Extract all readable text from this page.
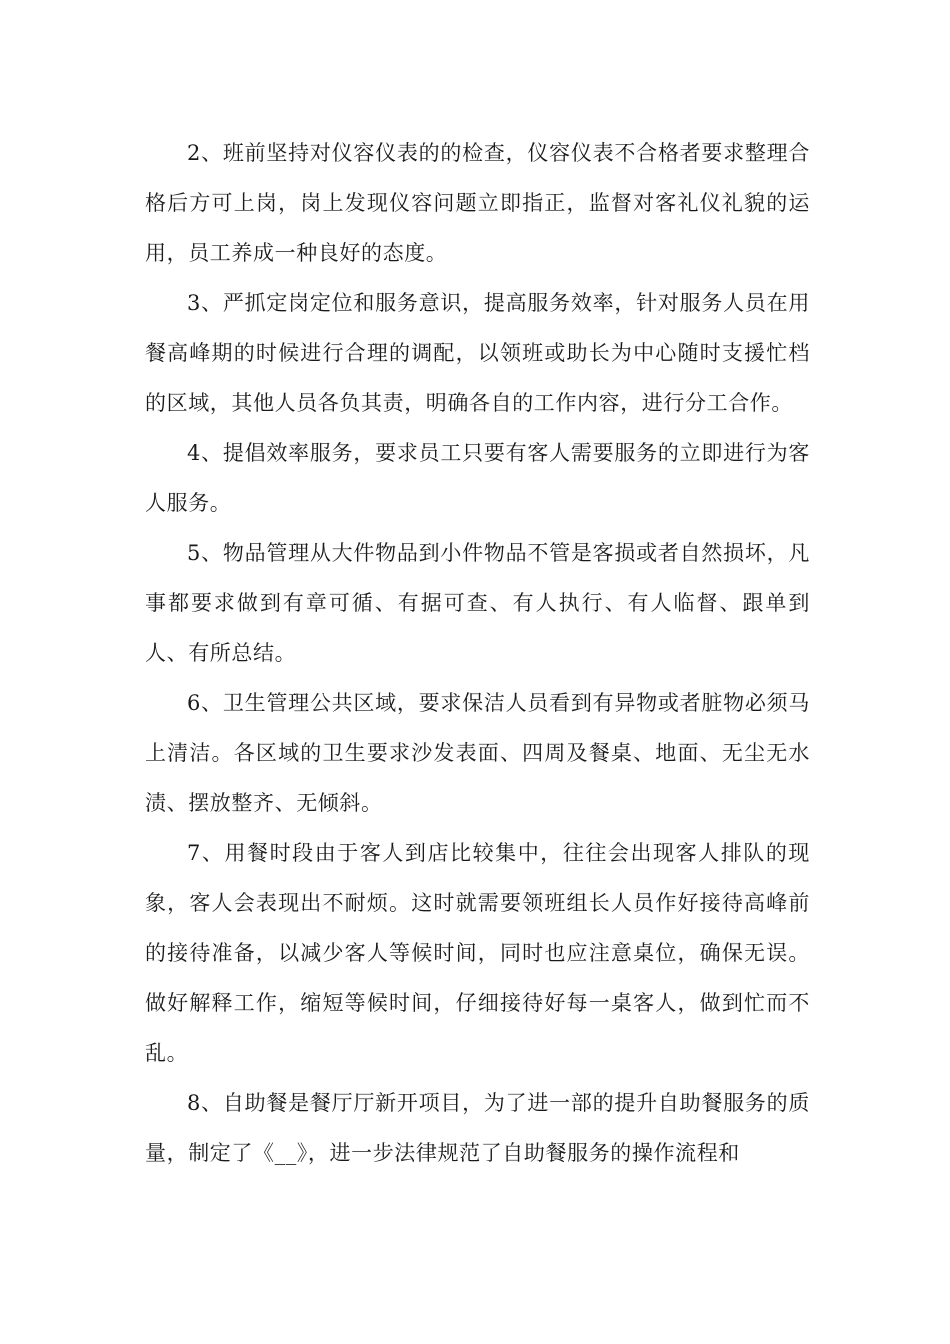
2、班前坚持对仪容仪表的的检查，仪容仪表不合格者要求整理合格后方可上岗，岗上发现仪容问题立即指正，监督对客礼仪礼貌的运用，员工养成一种良好的态度。

3、严抓定岗定位和服务意识，提高服务效率，针对服务人员在用餐高峰期的时候进行合理的调配，以领班或助长为中心随时支援忙档的区域，其他人员各负其责，明确各自的工作内容，进行分工合作。

4、提倡效率服务，要求员工只要有客人需要服务的立即进行为客人服务。

5、物品管理从大件物品到小件物品不管是客损或者自然损坏，凡事都要求做到有章可循、有据可查、有人执行、有人临督、跟单到人、有所总结。

6、卫生管理公共区域，要求保洁人员看到有异物或者脏物必须马上清洁。各区域的卫生要求沙发表面、四周及餐桌、地面、无尘无水渍、摆放整齐、无倾斜。

7、用餐时段由于客人到店比较集中，往往会出现客人排队的现象，客人会表现出不耐烦。这时就需要领班组长人员作好接待高峰前的接待准备，以减少客人等候时间，同时也应注意桌位，确保无误。做好解释工作，缩短等候时间，仔细接待好每一桌客人，做到忙而不乱。

8、自助餐是餐厅厅新开项目，为了进一部的提升自助餐服务的质量，制定了《__》，进一步法律规范了自助餐服务的操作流程和
